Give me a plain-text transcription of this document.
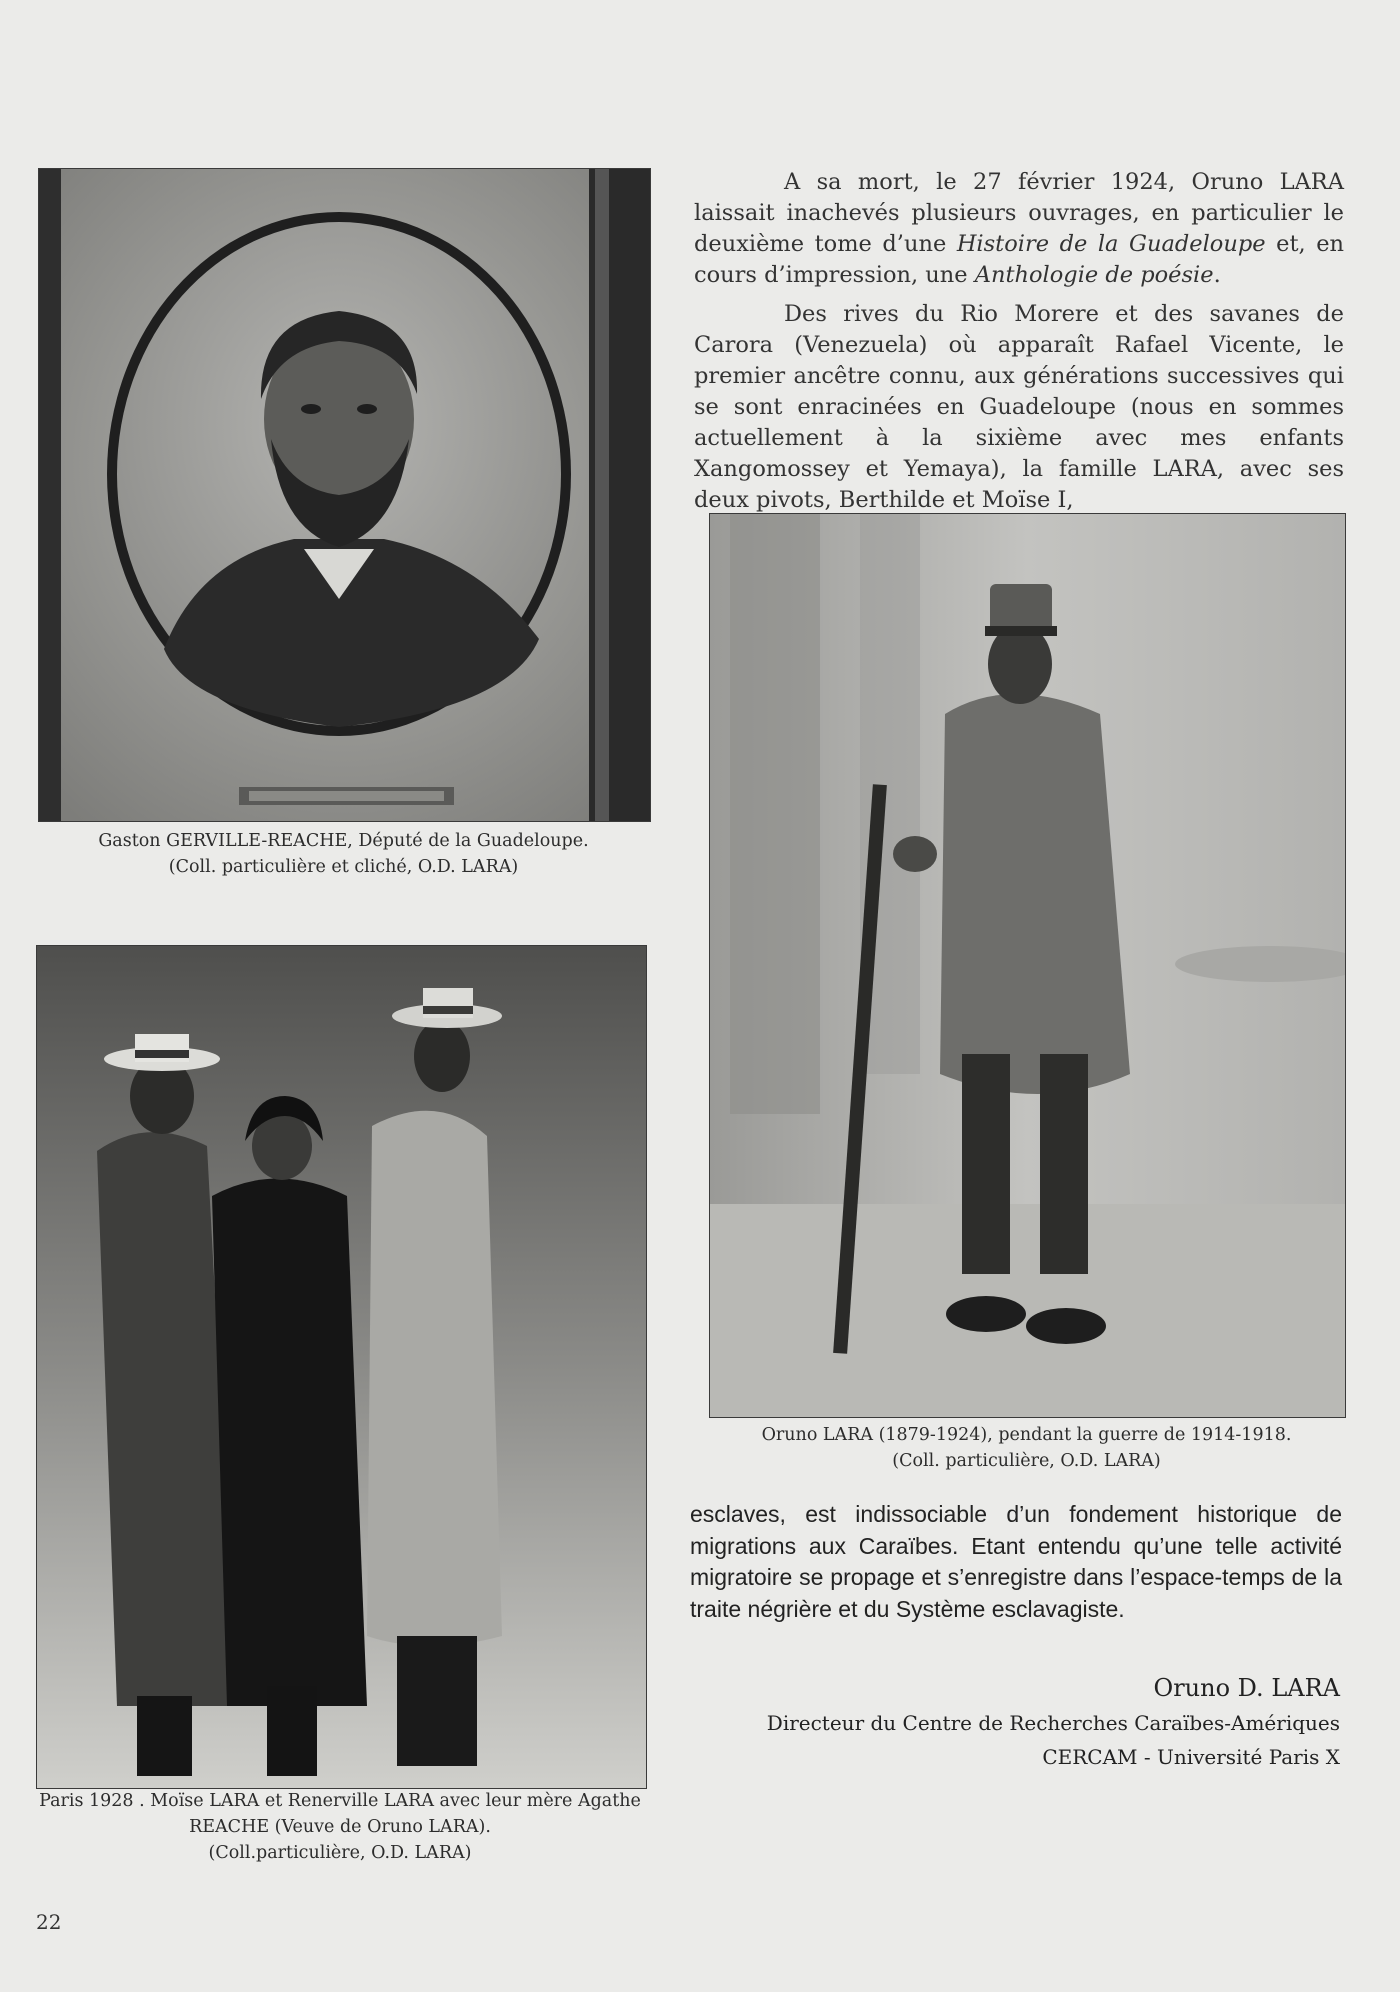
Gaston GERVILLE-REACHE, Député de la Guadeloupe.
(Coll. particulière et cliché, O.D. LARA)
Paris 1928 . Moïse LARA et Renerville LARA avec leur mère Agathe
REACHE (Veuve de Oruno LARA).
(Coll.particulière, O.D. LARA)

A sa mort, le 27 février 1924, Oruno LARA laissait inachevés plusieurs ouvrages, en particulier le deuxième tome d’une Histoire de la Guadeloupe et, en cours d’impression, une Anthologie de poésie.

Des rives du Rio Morere et des savanes de Carora (Venezuela) où apparaît Rafael Vicente, le premier ancêtre connu, aux générations successives qui se sont enracinées en Guadeloupe (nous en sommes actuellement à la sixième avec mes enfants Xangomossey et Yemaya), la famille LARA, avec ses deux pivots, Berthilde et Moïse I,

Oruno LARA (1879-1924), pendant la guerre de 1914-1918.
(Coll. particulière, O.D. LARA)
esclaves, est indissociable d’un fondement historique de migrations aux Caraïbes. Etant entendu qu’une telle activité migratoire se propage et s’enregistre dans l’espace-temps de la traite négrière et du Système esclavagiste.
Oruno D. LARA
Directeur du Centre de Recherches Caraïbes-Amériques
CERCAM - Université Paris X
22
